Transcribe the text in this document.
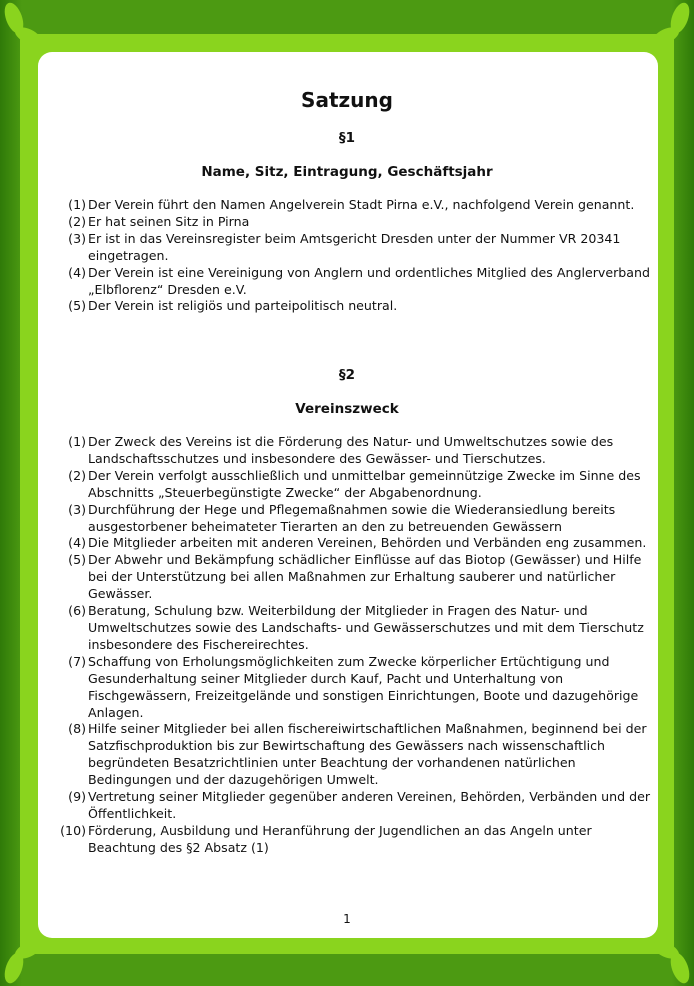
Satzung
§1
Name, Sitz, Eintragung, Geschäftsjahr
(1) Der Verein führt den Namen Angelverein Stadt Pirna e.V., nachfolgend Verein genannt.
(2) Er hat seinen Sitz in Pirna
(3) Er ist in das Vereinsregister beim Amtsgericht Dresden unter der Nummer VR 20341 eingetragen.
(4) Der Verein ist eine Vereinigung von Anglern und ordentliches Mitglied des Anglerverband „Elbflorenz“ Dresden e.V.
(5) Der Verein ist religiös und parteipolitisch neutral.
§2
Vereinszweck
(1) Der Zweck des Vereins ist die Förderung des Natur- und Umweltschutzes sowie des Landschaftsschutzes und insbesondere des Gewässer- und Tierschutzes.
(2) Der Verein verfolgt ausschließlich und unmittelbar gemeinnützige Zwecke im Sinne des Abschnitts „Steuerbegünstigte Zwecke“ der Abgabenordnung.
(3) Durchführung der Hege und Pflegemaßnahmen sowie die Wiederansiedlung bereits ausgestorbener beheimateter Tierarten an den zu betreuenden Gewässern
(4) Die Mitglieder arbeiten mit anderen Vereinen, Behörden und Verbänden eng zusammen.
(5) Der Abwehr und Bekämpfung schädlicher Einflüsse auf das Biotop (Gewässer) und Hilfe bei der Unterstützung bei allen Maßnahmen zur Erhaltung sauberer und natürlicher Gewässer.
(6) Beratung, Schulung bzw. Weiterbildung der Mitglieder in Fragen des Natur- und Umweltschutzes sowie des Landschafts- und Gewässerschutzes und mit dem Tierschutz insbesondere des Fischereirechtes.
(7) Schaffung von Erholungsmöglichkeiten zum Zwecke körperlicher Ertüchtigung und Gesunderhaltung seiner Mitglieder durch Kauf, Pacht und Unterhaltung von Fischgewässern, Freizeitgelände und sonstigen Einrichtungen, Boote und dazugehörige Anlagen.
(8) Hilfe seiner Mitglieder bei allen fischereiwirtschaftlichen Maßnahmen, beginnend bei der Satzfischproduktion bis zur Bewirtschaftung des Gewässers nach wissenschaftlich begründeten Besatzrichtlinien unter Beachtung der vorhandenen natürlichen Bedingungen und der dazugehörigen Umwelt.
(9) Vertretung seiner Mitglieder gegenüber anderen Vereinen, Behörden, Verbänden und der Öffentlichkeit.
(10) Förderung, Ausbildung und Heranführung der Jugendlichen an das Angeln unter Beachtung des §2 Absatz (1)
1
